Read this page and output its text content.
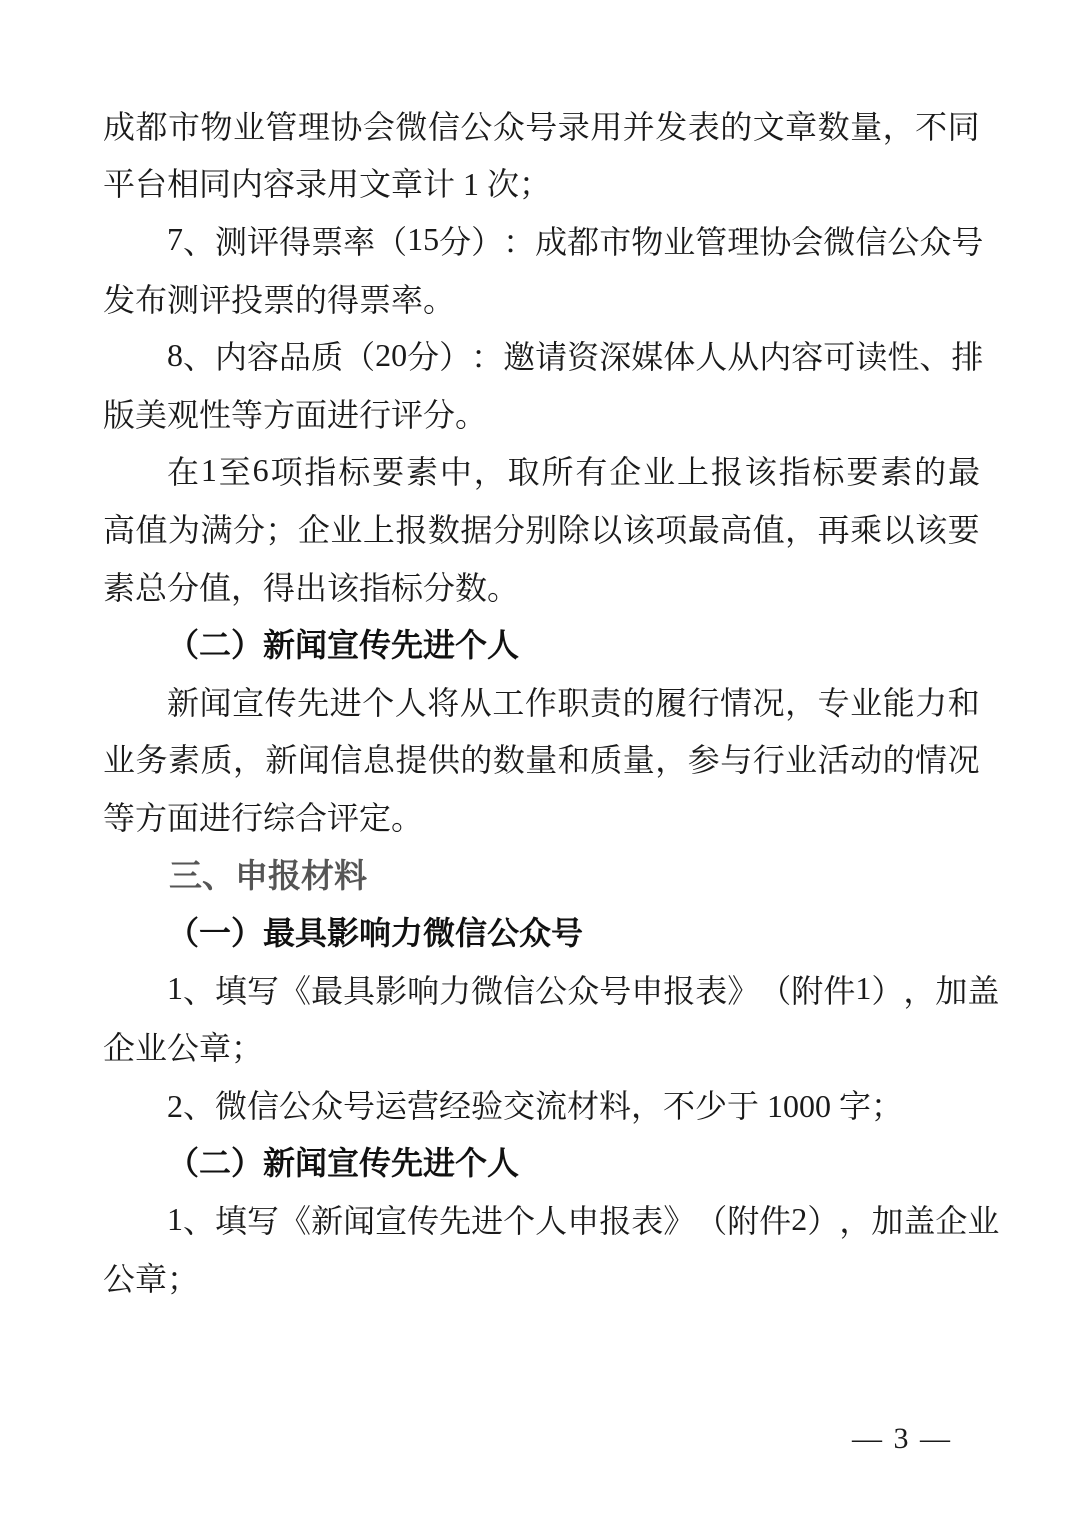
成 都 市 物 业 管 理 协 会 微 信 公 众 号 录 用 并 发 表 的 文 章 数 量 ， 不 同
平台相同内容录用文章计 1 次；
7 、 测 评 得 票 率 （ 1 5 分 ） ： 成 都 市 物 业 管 理 协 会 微 信 公 众 号
发布测评投票的得票率。
8 、 内 容 品 质 （ 2 0 分 ） ： 邀 请 资 深 媒 体 人 从 内 容 可 读 性 、 排
版美观性等方面进行评分。
在 1 至 6 项 指 标 要 素 中 ， 取 所 有 企 业 上 报 该 指 标 要 素 的 最
高 值 为 满 分 ； 企 业 上 报 数 据 分 别 除 以 该 项 最 高 值 ， 再 乘 以 该 要
素总分值，得出该指标分数。
（二）新闻宣传先进个人
新 闻 宣 传 先 进 个 人 将 从 工 作 职 责 的 履 行 情 况 ， 专 业 能 力 和
业 务 素 质 ， 新 闻 信 息 提 供 的 数 量 和 质 量 ， 参 与 行 业 活 动 的 情 况
等方面进行综合评定。
三、申报材料
（一）最具影响力微信公众号
1 、 填 写 《 最 具 影 响 力 微 信 公 众 号 申 报 表 》 （ 附 件 1 ） ， 加 盖
企业公章；
2、微信公众号运营经验交流材料，不少于 1000 字；
（二）新闻宣传先进个人
1 、 填 写 《 新 闻 宣 传 先 进 个 人 申 报 表 》 （ 附 件 2 ） ， 加 盖 企 业
公章；
— 3 —
